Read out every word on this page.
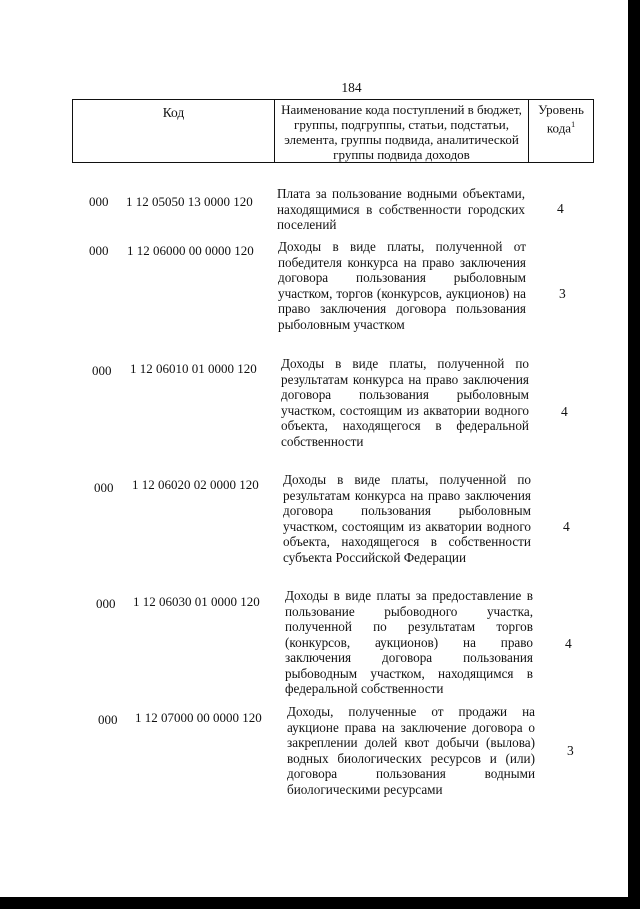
184
Код	Наименование кода поступлений в бюджет, группы, подгруппы, статьи, подстатьи, элемента, группы подвида, аналитической группы подвида доходов
Уровень кода$^1$
000 1 12 05050 13 0000 120
Плата за пользование водными объектами, находящимися в собственности городских поселений
4
000 1 12 06000 00 0000 120 Доходы в виде платы, полученной от победителя конкурса на право заключения договора пользования рыболовным участком, торгов (конкурсов, аукционов) на право заключения договора пользования рыболовным участком
3
000 1 12 06010 01 0000 120 Доходы в виде платы, полученной по результатам конкурса на право заключения договора пользования рыболовным участком, состоящим из акватории водного объекта, находящегося в федеральной собственности
4
000 1 12 06020 02 0000 120 Доходы в виде платы, полученной по результатам конкурса на право заключения договора пользования рыболовным участком, состоящим из акватории водного объекта, находящегося в собственности субъекта Российской Федерации
4
000 1 12 06030 01 0000 120 Доходы в виде платы за предоставление в пользование рыбоводного участка, полученной по результатам торгов (конкурсов, аукционов) на право заключения договора пользования рыбоводным участком, находящимся в федеральной собственности
4
000 1 12 07000 00 0000 120 Доходы, полученные от продажи на аукционе права на заключение договора о закреплении долей квот добычи (вылова) водных биологических ресурсов и (или) договора пользования водными биологическими ресурсами
3
